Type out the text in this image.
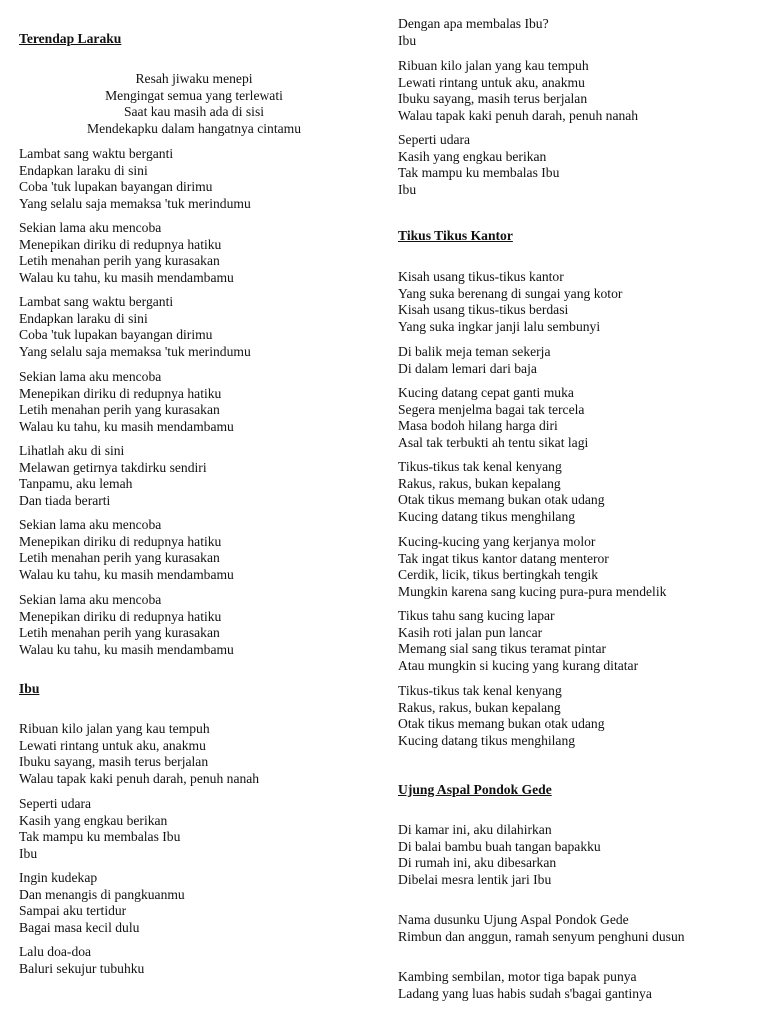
Terendap Laraku
Resah jiwaku menepi
Mengingat semua yang terlewati
Saat kau masih ada di sisi
Mendekapku dalam hangatnya cintamu
Lambat sang waktu berganti
Endapkan laraku di sini
Coba 'tuk lupakan bayangan dirimu
Yang selalu saja memaksa 'tuk merindumu
Sekian lama aku mencoba
Menepikan diriku di redupnya hatiku
Letih menahan perih yang kurasakan
Walau ku tahu, ku masih mendambamu
Lambat sang waktu berganti
Endapkan laraku di sini
Coba 'tuk lupakan bayangan dirimu
Yang selalu saja memaksa 'tuk merindumu
Sekian lama aku mencoba
Menepikan diriku di redupnya hatiku
Letih menahan perih yang kurasakan
Walau ku tahu, ku masih mendambamu
Lihatlah aku di sini
Melawan getirnya takdirku sendiri
Tanpamu, aku lemah
Dan tiada berarti
Sekian lama aku mencoba
Menepikan diriku di redupnya hatiku
Letih menahan perih yang kurasakan
Walau ku tahu, ku masih mendambamu
Sekian lama aku mencoba
Menepikan diriku di redupnya hatiku
Letih menahan perih yang kurasakan
Walau ku tahu, ku masih mendambamu
Ibu
Ribuan kilo jalan yang kau tempuh
Lewati rintang untuk aku, anakmu
Ibuku sayang, masih terus berjalan
Walau tapak kaki penuh darah, penuh nanah
Seperti udara
Kasih yang engkau berikan
Tak mampu ku membalas Ibu
Ibu
Ingin kudekap
Dan menangis di pangkuanmu
Sampai aku tertidur
Bagai masa kecil dulu
Lalu doa-doa
Baluri sekujur tubuhku
Dengan apa membalas Ibu?
Ibu
Ribuan kilo jalan yang kau tempuh
Lewati rintang untuk aku, anakmu
Ibuku sayang, masih terus berjalan
Walau tapak kaki penuh darah, penuh nanah
Seperti udara
Kasih yang engkau berikan
Tak mampu ku membalas Ibu
Ibu
Tikus Tikus Kantor
Kisah usang tikus-tikus kantor
Yang suka berenang di sungai yang kotor
Kisah usang tikus-tikus berdasi
Yang suka ingkar janji lalu sembunyi
Di balik meja teman sekerja
Di dalam lemari dari baja
Kucing datang cepat ganti muka
Segera menjelma bagai tak tercela
Masa bodoh hilang harga diri
Asal tak terbukti ah tentu sikat lagi
Tikus-tikus tak kenal kenyang
Rakus, rakus, bukan kepalang
Otak tikus memang bukan otak udang
Kucing datang tikus menghilang
Kucing-kucing yang kerjanya molor
Tak ingat tikus kantor datang menteror
Cerdik, licik, tikus bertingkah tengik
Mungkin karena sang kucing pura-pura mendelik
Tikus tahu sang kucing lapar
Kasih roti jalan pun lancar
Memang sial sang tikus teramat pintar
Atau mungkin si kucing yang kurang ditatar
Tikus-tikus tak kenal kenyang
Rakus, rakus, bukan kepalang
Otak tikus memang bukan otak udang
Kucing datang tikus menghilang
Ujung Aspal Pondok Gede
Di kamar ini, aku dilahirkan
Di balai bambu buah tangan bapakku
Di rumah ini, aku dibesarkan
Dibelai mesra lentik jari Ibu
Nama dusunku Ujung Aspal Pondok Gede
Rimbun dan anggun, ramah senyum penghuni dusun
Kambing sembilan, motor tiga bapak punya
Ladang yang luas habis sudah s'bagai gantinya
